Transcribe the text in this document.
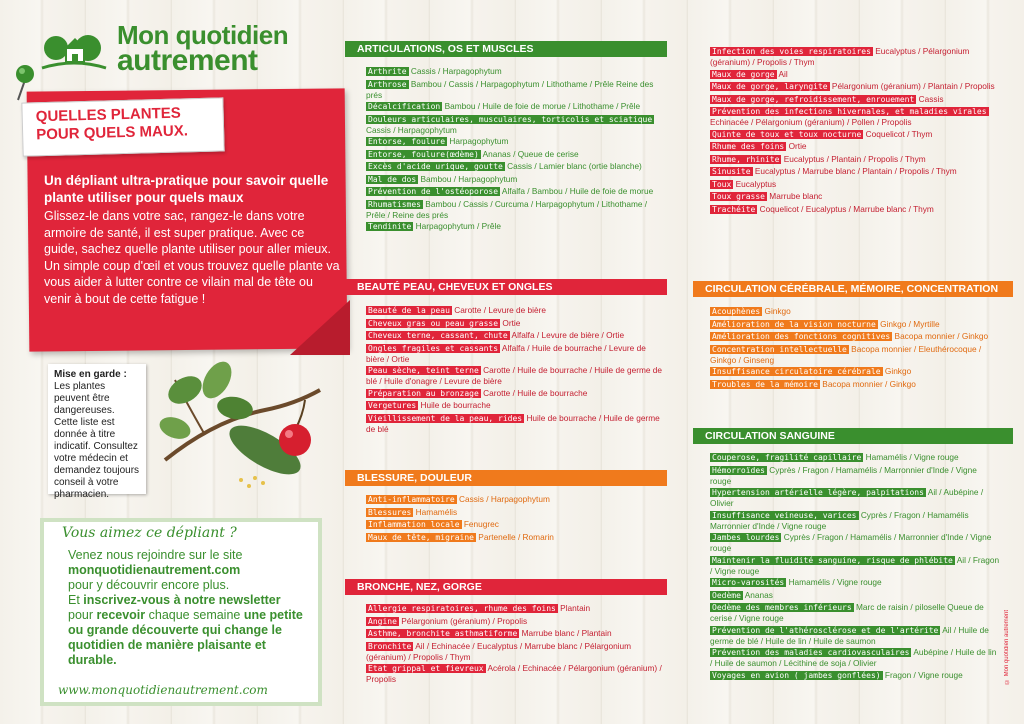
Mon quotidien
autrement
QUELLES PLANTES POUR QUELS MAUX.
Un dépliant ultra-pratique pour savoir quelle plante utiliser pour quels maux
Glissez-le dans votre sac, rangez-le dans votre armoire de santé, il est super pratique. Avec ce guide, sachez quelle plante utiliser pour aller mieux. Un simple coup d'œil et vous trouvez quelle plante va vous aider à lutter contre ce vilain mal de tête ou venir à bout de cette fatigue !
Mise en garde :
Les plantes peuvent être dangereuses. Cette liste est donnée à titre indicatif. Consultez votre médecin et demandez toujours conseil à votre pharmacien.
Vous aimez ce dépliant ?
Venez nous rejoindre sur le site
monquotidienautrement.com
pour y découvrir encore plus.
Et inscrivez-vous à notre newsletter
pour recevoir chaque semaine une petite ou grande découverte qui change le quotidien de manière plaisante et durable.
www.monquotidienautrement.com
ARTICULATIONS, OS ET MUSCLES
Arthrite Cassis / Harpagophytum
Arthrose Bambou / Cassis / Harpagophytum / Lithothame / Prêle Reine des prés
Décalcification Bambou / Huile de foie de morue / Lithothame / Prêle
Douleurs articulaires, musculaires, torticolis et sciatique Cassis / Harpagophytum
Entorse, foulure Harpagophytum
Entorse, foulure(œdème) Ananas / Queue de cerise
Excès d'acide urique, goutte Cassis / Lamier blanc (ortie blanche)
Mal de dos Bambou / Harpagophytum
Prévention de l'ostéoporose Alfalfa / Bambou / Huile de foie de morue
Rhumatismes Bambou / Cassis / Curcuma / Harpagophytum / Lithothame / Prêle / Reine des prés
Tendinite Harpagophytum / Prêle
BEAUTÉ PEAU, CHEVEUX ET ONGLES
Beauté de la peau Carotte / Levure de bière
Cheveux gras ou peau grasse Ortie
Cheveux terne, cassant, chute Alfalfa / Levure de bière / Ortie
Ongles fragiles et cassants Alfalfa / Huile de bourrache / Levure de bière / Ortie
Peau sèche, teint terne Carotte / Huile de bourrache / Huile de germe de blé / Huile d'onagre / Levure de bière
Préparation au bronzage Carotte / Huile de bourrache
Vergetures Huile de bourrache
Vieillissement de la peau, rides Huile de bourrache / Huile de germe de blé
BLESSURE, DOULEUR
Anti-inflammatoire Cassis / Harpagophytum
Blessures Hamamélis
Inflammation locale Fenugrec
Maux de tête, migraine Partenelle / Romarin
BRONCHE, NEZ, GORGE
Allergie respiratoires, rhume des foins Plantain
Angine Pélargonium (géranium) / Propolis
Asthme, bronchite asthmatiforme Marrube blanc / Plantain
Bronchite Ail / Echinacée / Eucalyptus / Marrube blanc / Pélargonium (géranium) / Propolis / Thym
Etat grippal et fievreux Acérola / Echinacée / Pélargonium (géranium) / Propolis
Infection des voies respiratoires Eucalyptus / Pélargonium (géranium) / Propolis / Thym
Maux de gorge Ail
Maux de gorge, laryngite Pélargonium (géranium) / Plantain / Propolis
Maux de gorge, refroidissement, enrouement Cassis
Prévention des infections hivernales, et maladies virales Echinacée / Pélargonium (géranium) / Pollen / Propolis
Quinte de toux et toux nocturne Coquelicot / Thym
Rhume des foins Ortie
Rhume, rhinite Eucalyptus / Plantain / Propolis / Thym
Sinusite Eucalyptus / Marrube blanc / Plantain / Propolis / Thym
Toux Eucalyptus
Toux grasse Marrube blanc
Trachéite Coquelicot / Eucalyptus / Marrube blanc / Thym
CIRCULATION CÉRÉBRALE, MÉMOIRE, CONCENTRATION
Acouphènes Ginkgo
Amélioration de la vision nocturne Ginkgo / Myrtille
Amélioration des fonctions cognitives Bacopa monnier / Ginkgo
Concentration intellectuelle Bacopa monnier / Eleuthérocoque / Ginkgo / Ginseng
Insuffisance circulatoire cérébrale Ginkgo
Troubles de la mémoire Bacopa monnier / Ginkgo
CIRCULATION SANGUINE
Couperose, fragilité capillaire Hamamélis / Vigne rouge
Hémorroïdes Cyprès / Fragon / Hamamélis / Marronnier d'Inde / Vigne rouge
Hypertension artérielle légère, palpitations Ail / Aubépine / Olivier
Insuffisance veineuse, varices Cyprès / Fragon / Hamamélis Marronnier d'Inde / Vigne rouge
Jambes lourdes Cyprès / Fragon / Hamamélis / Marronnier d'Inde / Vigne rouge
Maintenir la fluidité sanguine, risque de phlébite Ail / Fragon / Vigne rouge
Micro-varosités Hamamélis / Vigne rouge
Oedème Ananas
Oedème des membres inférieurs Marc de raisin / piloselle Queue de cerise / Vigne rouge
Prévention de l'athérosclérose et de l'artérite Ail / Huile de germe de blé / Huile de lin / Huile de saumon
Prévention des maladies cardiovasculaires Aubépine / Huile de lin / Huile de saumon / Lécithine de soja / Olivier
Voyages en avion ( jambes gonflées) Fragon / Vigne rouge	© Mon quotidien autrement
